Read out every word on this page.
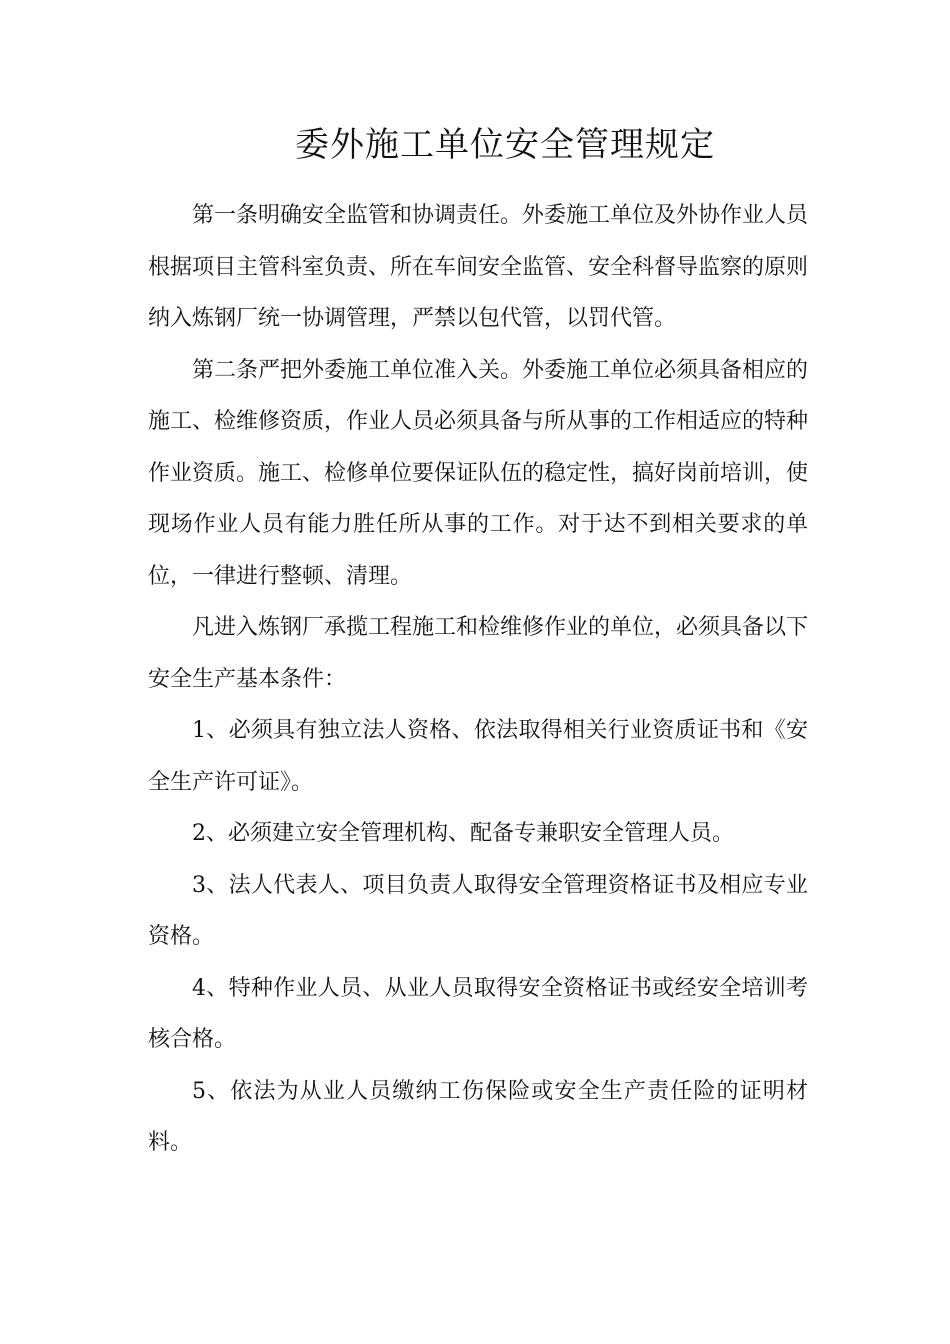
委外施工单位安全管理规定

第一条明确安全监管和协调责任。外委施工单位及外协作业人员根据项目主管科室负责、所在车间安全监管、安全科督导监察的原则纳入炼钢厂统一协调管理，严禁以包代管，以罚代管。

第二条严把外委施工单位准入关。外委施工单位必须具备相应的施工、检维修资质，作业人员必须具备与所从事的工作相适应的特种作业资质。施工、检修单位要保证队伍的稳定性，搞好岗前培训，使现场作业人员有能力胜任所从事的工作。对于达不到相关要求的单位，一律进行整顿、清理。

凡进入炼钢厂承揽工程施工和检维修作业的单位，必须具备以下安全生产基本条件：

1、必须具有独立法人资格、依法取得相关行业资质证书和《安全生产许可证》。

2、必须建立安全管理机构、配备专兼职安全管理人员。

3、法人代表人、项目负责人取得安全管理资格证书及相应专业资格。

4、特种作业人员、从业人员取得安全资格证书或经安全培训考核合格。

5、依法为从业人员缴纳工伤保险或安全生产责任险的证明材料。
